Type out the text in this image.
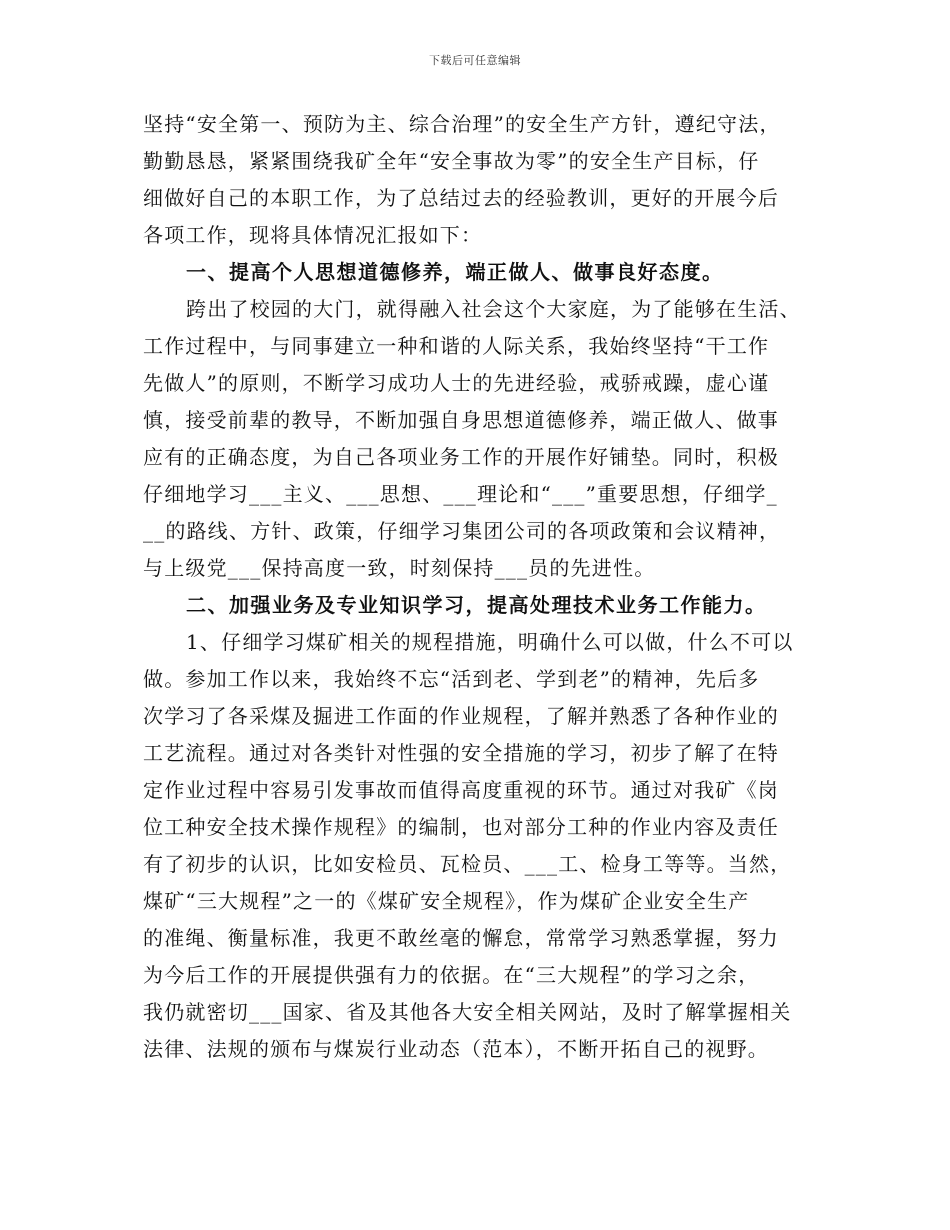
下载后可任意编辑
坚持“安全第一、预防为主、综合治理”的安全生产方针，遵纪守法，
勤勤恳恳，紧紧围绕我矿全年“安全事故为零”的安全生产目标，仔
细做好自己的本职工作，为了总结过去的经验教训，更好的开展今后
各项工作，现将具体情况汇报如下：
一、提高个人思想道德修养，端正做人、做事良好态度。
跨出了校园的大门，就得融入社会这个大家庭，为了能够在生活、
工作过程中，与同事建立一种和谐的人际关系，我始终坚持“干工作
先做人”的原则，不断学习成功人士的先进经验，戒骄戒躁，虚心谨
慎，接受前辈的教导，不断加强自身思想道德修养，端正做人、做事
应有的正确态度，为自己各项业务工作的开展作好铺垫。同时，积极
仔细地学习___主义、___思想、___理论和“___”重要思想，仔细学_
__的路线、方针、政策，仔细学习集团公司的各项政策和会议精神，
与上级党___保持高度一致，时刻保持___员的先进性。
二、加强业务及专业知识学习，提高处理技术业务工作能力。
1、仔细学习煤矿相关的规程措施，明确什么可以做，什么不可以
做。参加工作以来，我始终不忘“活到老、学到老”的精神，先后多
次学习了各采煤及掘进工作面的作业规程，了解并熟悉了各种作业的
工艺流程。通过对各类针对性强的安全措施的学习，初步了解了在特
定作业过程中容易引发事故而值得高度重视的环节。通过对我矿《岗
位工种安全技术操作规程》的编制，也对部分工种的作业内容及责任
有了初步的认识，比如安检员、瓦检员、___工、检身工等等。当然，
煤矿“三大规程”之一的《煤矿安全规程》，作为煤矿企业安全生产
的准绳、衡量标准，我更不敢丝毫的懈怠，常常学习熟悉掌握，努力
为今后工作的开展提供强有力的依据。在“三大规程”的学习之余，
我仍就密切___国家、省及其他各大安全相关网站，及时了解掌握相关
法律、法规的颁布与煤炭行业动态（范本），不断开拓自己的视野。
